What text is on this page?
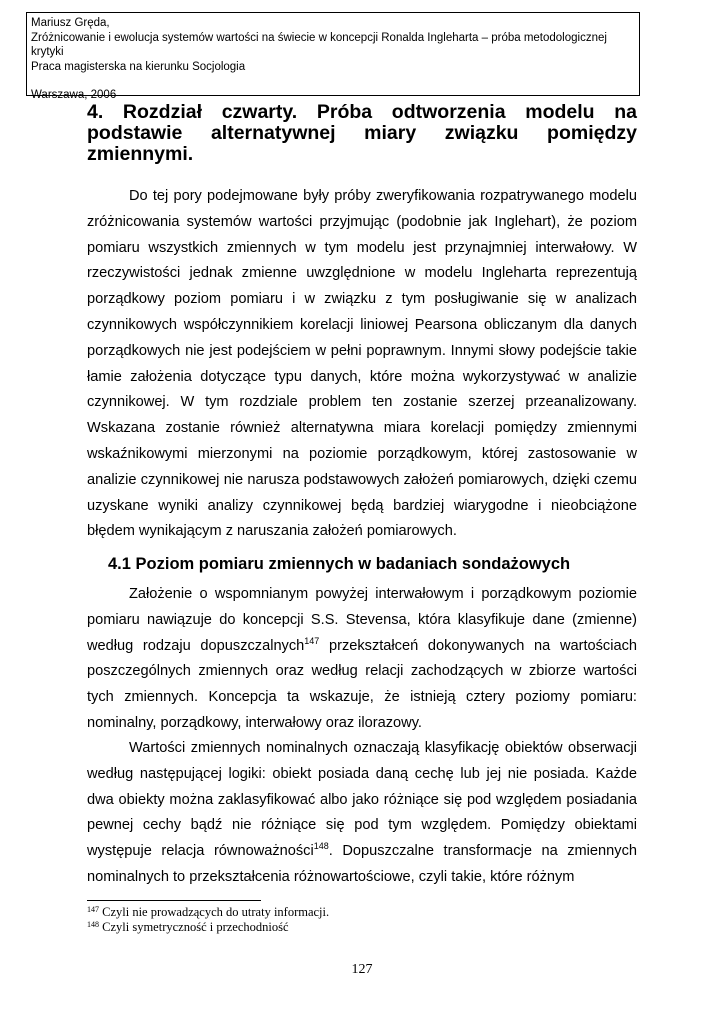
Mariusz Gręda,
Zróżnicowanie i ewolucja systemów wartości na świecie w koncepcji Ronalda Ingleharta – próba metodologicznej krytyki
Praca magisterska na kierunku Socjologia
Warszawa, 2006
4. Rozdział czwarty. Próba odtworzenia modelu na podstawie alternatywnej miary związku pomiędzy zmiennymi.

Do tej pory podejmowane były próby zweryfikowania rozpatrywanego modelu zróżnicowania systemów wartości przyjmując (podobnie jak Inglehart), że poziom pomiaru wszystkich zmiennych w tym modelu jest przynajmniej interwałowy. W rzeczywistości jednak zmienne uwzględnione w modelu Ingleharta reprezentują porządkowy poziom pomiaru i w związku z tym posługiwanie się w analizach czynnikowych współczynnikiem korelacji liniowej Pearsona obliczanym dla danych porządkowych nie jest podejściem w pełni poprawnym. Innymi słowy podejście takie łamie założenia dotyczące typu danych, które można wykorzystywać w analizie czynnikowej. W tym rozdziale problem ten zostanie szerzej przeanalizowany. Wskazana zostanie również alternatywna miara korelacji pomiędzy zmiennymi wskaźnikowymi mierzonymi na poziomie porządkowym, której zastosowanie w analizie czynnikowej nie narusza podstawowych założeń pomiarowych, dzięki czemu uzyskane wyniki analizy czynnikowej będą bardziej wiarygodne i nieobciążone błędem wynikającym z naruszania założeń pomiarowych.

4.1 Poziom pomiaru zmiennych w badaniach sondażowych

Założenie o wspomnianym powyżej interwałowym i porządkowym poziomie pomiaru nawiązuje do koncepcji S.S. Stevensa, która klasyfikuje dane (zmienne) według rodzaju dopuszczalnych$^{147}$ przekształceń dokonywanych na wartościach poszczególnych zmiennych oraz według relacji zachodzących w zbiorze wartości tych zmiennych. Koncepcja ta wskazuje, że istnieją cztery poziomy pomiaru: nominalny, porządkowy, interwałowy oraz ilorazowy.

Wartości zmiennych nominalnych oznaczają klasyfikację obiektów obserwacji według następującej logiki: obiekt posiada daną cechę lub jej nie posiada. Każde dwa obiekty można zaklasyfikować albo jako różniące się pod względem posiadania pewnej cechy bądź nie różniące się pod tym względem. Pomiędzy obiektami występuje relacja równoważności$^{148}$. Dopuszczalne transformacje na zmiennych nominalnych to przekształcenia różnowartościowe, czyli takie, które różnym

$^{147}$ Czyli nie prowadzących do utraty informacji.
$^{148}$ Czyli symetryczność i przechodniość
127
